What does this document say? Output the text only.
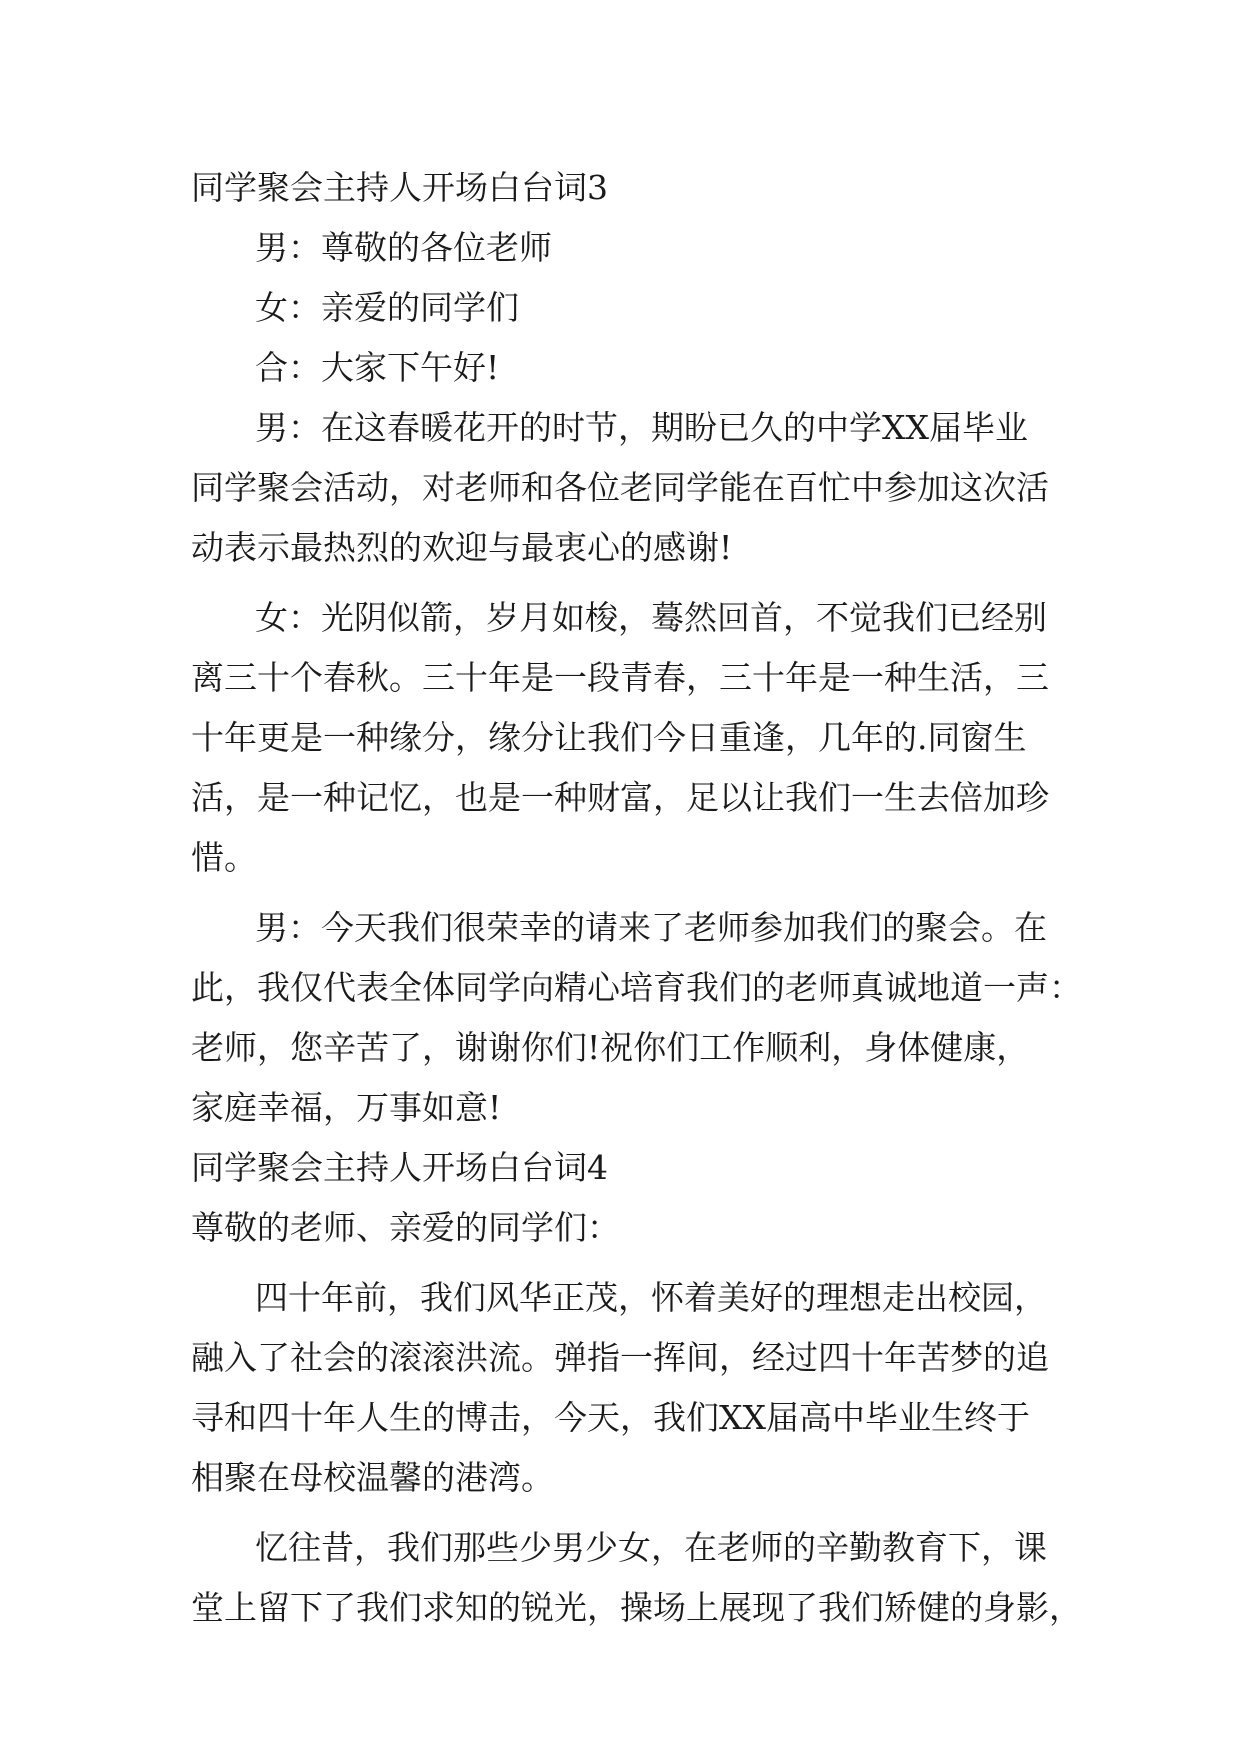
同学聚会主持人开场白台词3
男：尊敬的各位老师
女：亲爱的同学们
合：大家下午好!
男：在这春暖花开的时节，期盼已久的中学XX届毕业
同学聚会活动，对老师和各位老同学能在百忙中参加这次活
动表示最热烈的欢迎与最衷心的感谢!
女：光阴似箭，岁月如梭，蓦然回首，不觉我们已经别
离三十个春秋。三十年是一段青春，三十年是一种生活，三
十年更是一种缘分，缘分让我们今日重逢，几年的.同窗生
活，是一种记忆，也是一种财富，足以让我们一生去倍加珍
惜。
男：今天我们很荣幸的请来了老师参加我们的聚会。在
此，我仅代表全体同学向精心培育我们的老师真诚地道一声：
老师，您辛苦了，谢谢你们!祝你们工作顺利，身体健康，
家庭幸福，万事如意!
同学聚会主持人开场白台词4
尊敬的老师、亲爱的同学们：
四十年前，我们风华正茂，怀着美好的理想走出校园，
融入了社会的滚滚洪流。弹指一挥间，经过四十年苦梦的追
寻和四十年人生的博击，今天，我们XX届高中毕业生终于
相聚在母校温馨的港湾。
忆往昔，我们那些少男少女，在老师的辛勤教育下，课
堂上留下了我们求知的锐光，操场上展现了我们矫健的身影，
